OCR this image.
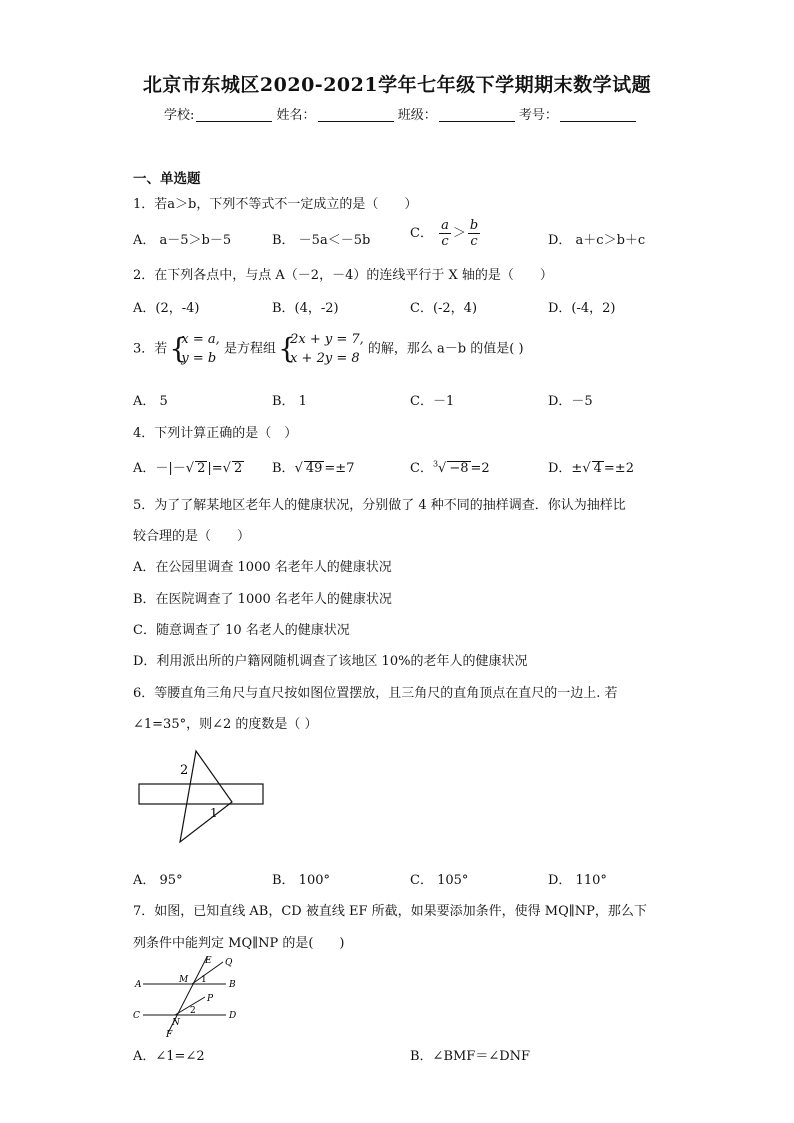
北京市东城区2020-2021学年七年级下学期期末数学试题
学校:	姓名：	班级：	考号：
一、单选题
1．若a＞b，下列不等式不一定成立的是（　　）
A． a－5＞b－5	B． －5a＜－5b	C． $\frac{a}{c} > \frac{b}{c}$	D． a＋c＞b＋c
2．在下列各点中，与点 A（－2，－4）的连线平行于 X 轴的是（　　）
A．(2，-4)	B．(4，-2)	C．(-2，4)	D．(-4，2)
3．若
{ x = a,
y = b
是方程组
{ 2x + y = 7,
x + 2y = 8
的解，那么 a－b 的值是( )
A． 5	B． 1	C．－1	D．－5
4．下列计算正确的是（　）
A．－|－√ 2 |=√ 2 B．√ 49 =±7	C．$^3$√ −8 =2	D．±√ 4 =±2
5．为了了解某地区老年人的健康状况，分别做了 4 种不同的抽样调查．你认为抽样比
较合理的是（　　）
A．在公园里调查 1000 名老年人的健康状况
B．在医院调查了 1000 名老年人的健康状况
C．随意调查了 10 名老人的健康状况
D．利用派出所的户籍网随机调查了该地区 10%的老年人的健康状况
6．等腰直角三角尺与直尺按如图位置摆放，且三角尺的直角顶点在直尺的一边上. 若
∠1=35°，则∠2 的度数是（ ）
2
1
A． 95°	B． 100°	C． 105°	D． 110°
7．如图，已知直线 AB，CD 被直线 EF 所截，如果要添加条件，使得 MQ∥NP，那么下
列条件中能判定 MQ∥NP 的是(　　)
A	B
C	D
E
F
M
N
P
Q
1
2
A．∠1=∠2	B．∠BMF＝∠DNF
